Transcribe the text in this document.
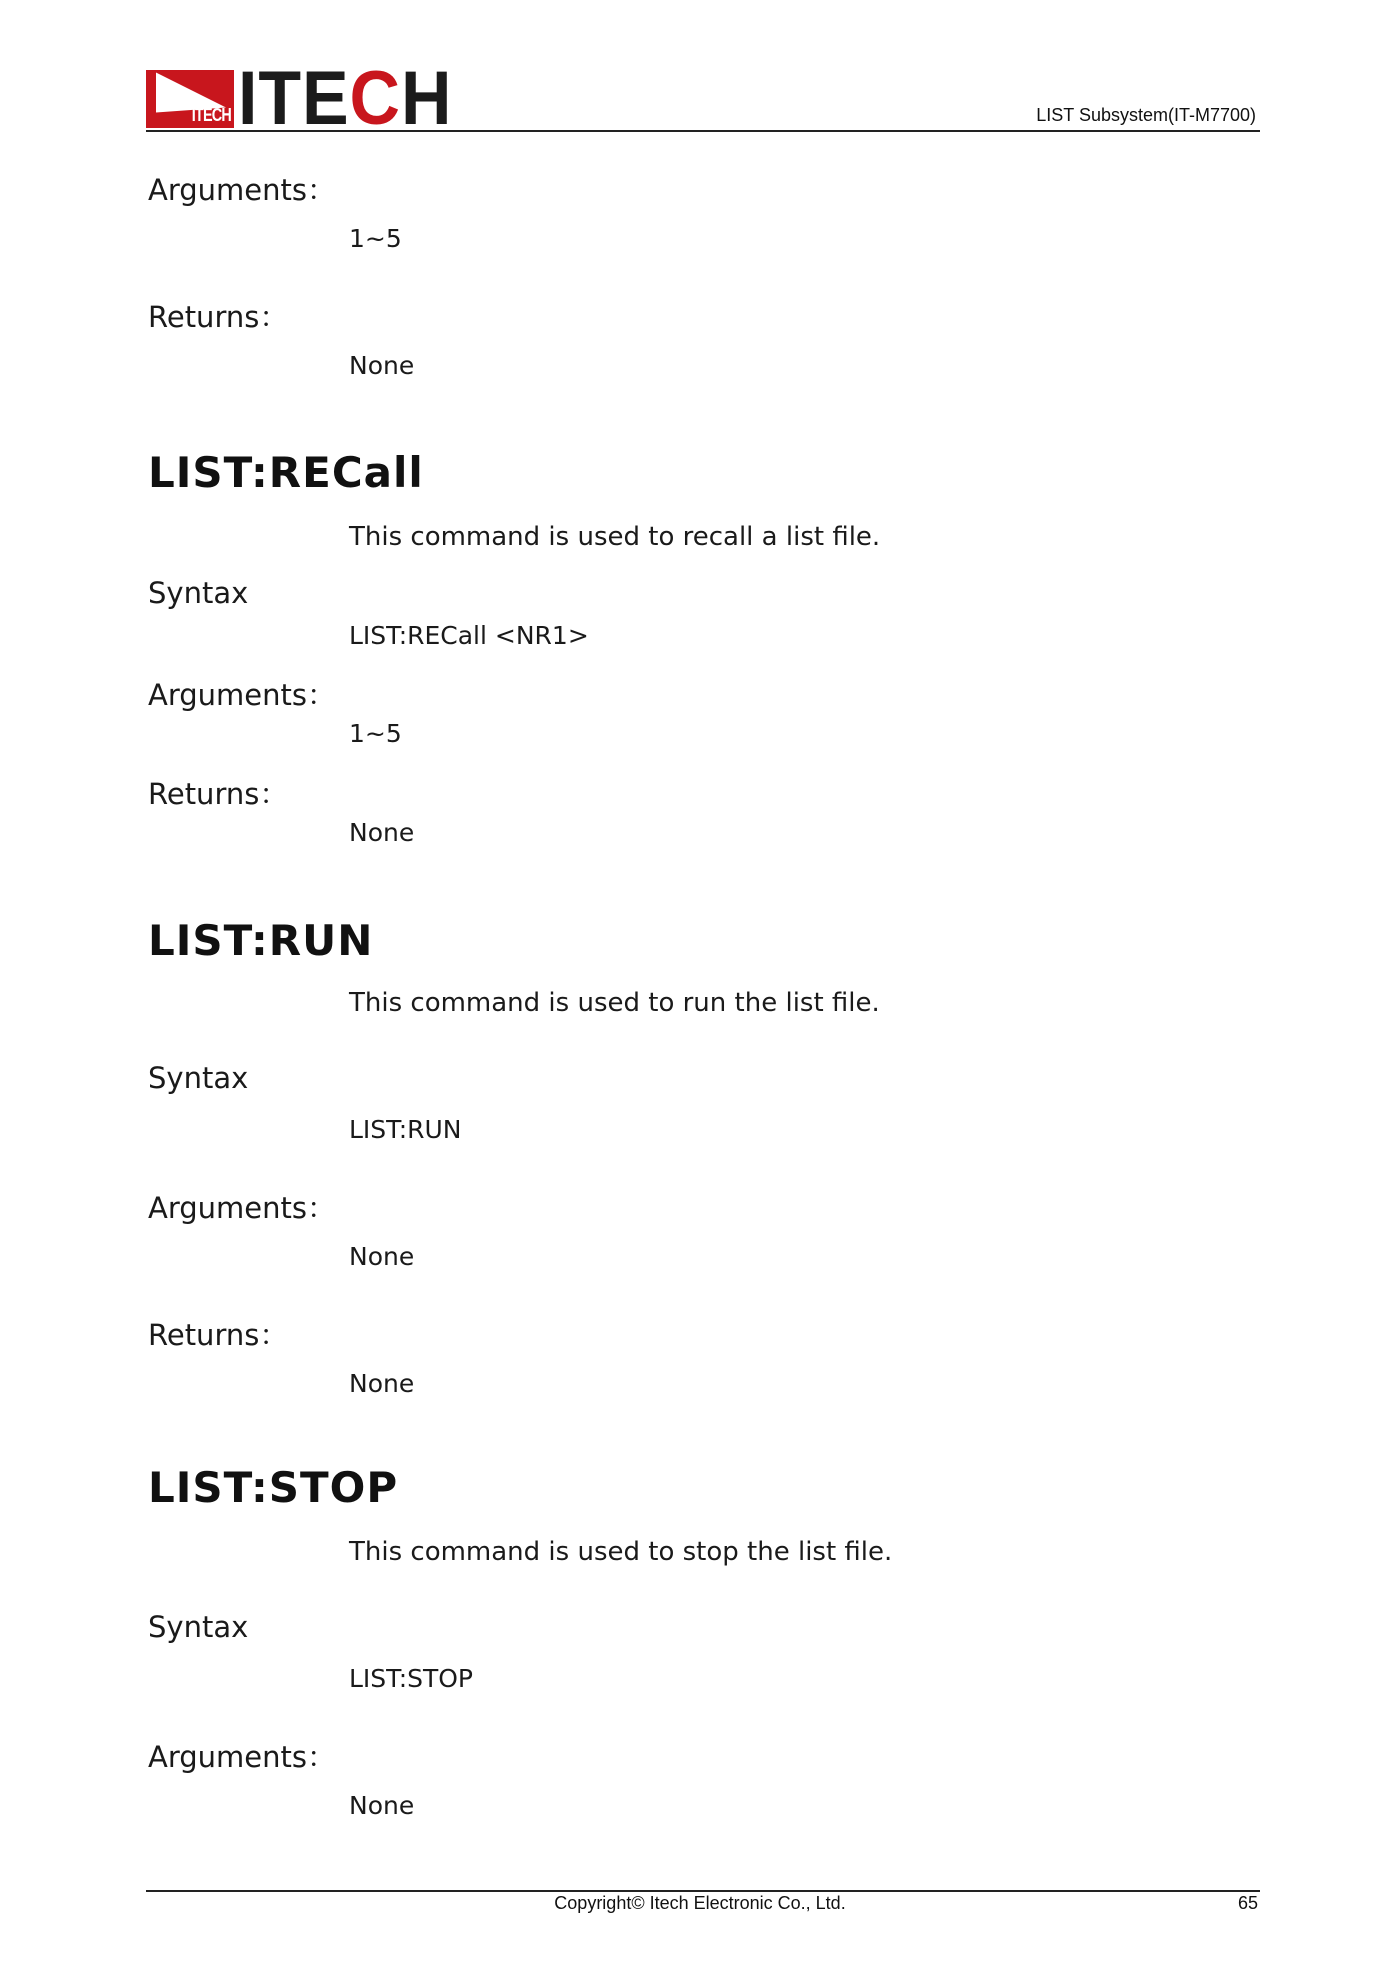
ITECH ITECH	LIST Subsystem(IT-M7700)
Arguments：
1~5
Returns：
None
LIST:RECall
This command is used to recall a list file.
Syntax
LIST:RECall <NR1>
Arguments：
1~5
Returns：
None
LIST:RUN
This command is used to run the list file.
Syntax
LIST:RUN
Arguments：
None
Returns：
None
LIST:STOP
This command is used to stop the list file.
Syntax
LIST:STOP
Arguments：
None
Copyright© Itech Electronic Co., Ltd.	65
